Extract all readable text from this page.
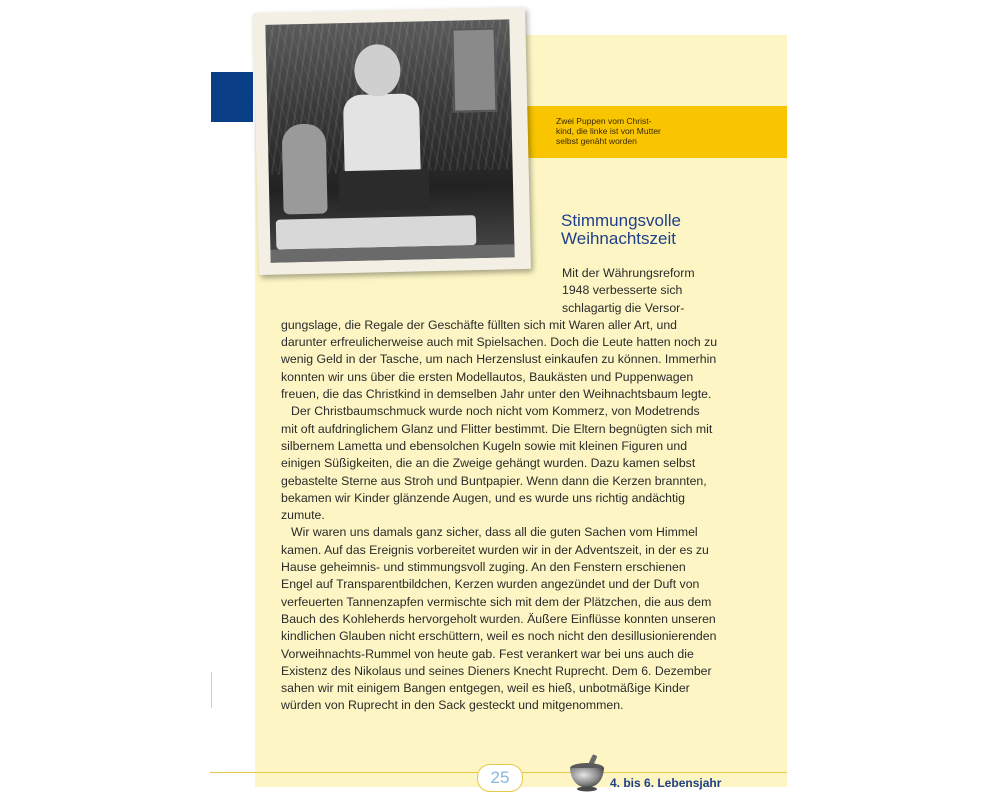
Zwei Puppen vom Christ-
kind, die linke ist von Mutter
selbst genäht worden
Stimmungsvolle
Weihnachtszeit
Mit der Währungsreform
1948 verbesserte sich
schlagartig die Versor-

gungslage, die Regale der Geschäfte füllten sich mit Waren aller Art, und darunter erfreulicherweise auch mit Spielsachen. Doch die Leute hatten noch zu wenig Geld in der Tasche, um nach Herzenslust einkaufen zu können. Immerhin konnten wir uns über die ersten Modellautos, Baukästen und Puppenwagen freuen, die das Christkind in demselben Jahr unter den Weihnachtsbaum legte.

Der Christbaumschmuck wurde noch nicht vom Kommerz, von Modetrends mit oft aufdringlichem Glanz und Flitter bestimmt. Die Eltern begnügten sich mit silbernem Lametta und ebensolchen Kugeln sowie mit kleinen Figuren und einigen Süßigkeiten, die an die Zweige gehängt wurden. Dazu kamen selbst gebastelte Sterne aus Stroh und Buntpapier. Wenn dann die Kerzen brannten, bekamen wir Kinder glänzende Augen, und es wurde uns richtig andächtig zumute.

Wir waren uns damals ganz sicher, dass all die guten Sachen vom Himmel kamen. Auf das Ereignis vorbereitet wurden wir in der Adventszeit, in der es zu Hause geheimnis- und stimmungsvoll zuging. An den Fenstern erschienen Engel auf Transparentbildchen, Kerzen wurden angezündet und der Duft von verfeuerten Tannenzapfen vermischte sich mit dem der Plätzchen, die aus dem Bauch des Kohleherds hervorgeholt wurden. Äußere Einflüsse konnten unseren kindlichen Glauben nicht erschüttern, weil es noch nicht den desillusionierenden Vorweihnachts-Rummel von heute gab. Fest verankert war bei uns auch die Existenz des Nikolaus und seines Dieners Knecht Ruprecht. Dem 6. Dezember sahen wir mit einigem Bangen entgegen, weil es hieß, unbotmäßige Kinder würden von Ruprecht in den Sack gesteckt und mitgenommen.

25	4. bis 6. Lebensjahr
